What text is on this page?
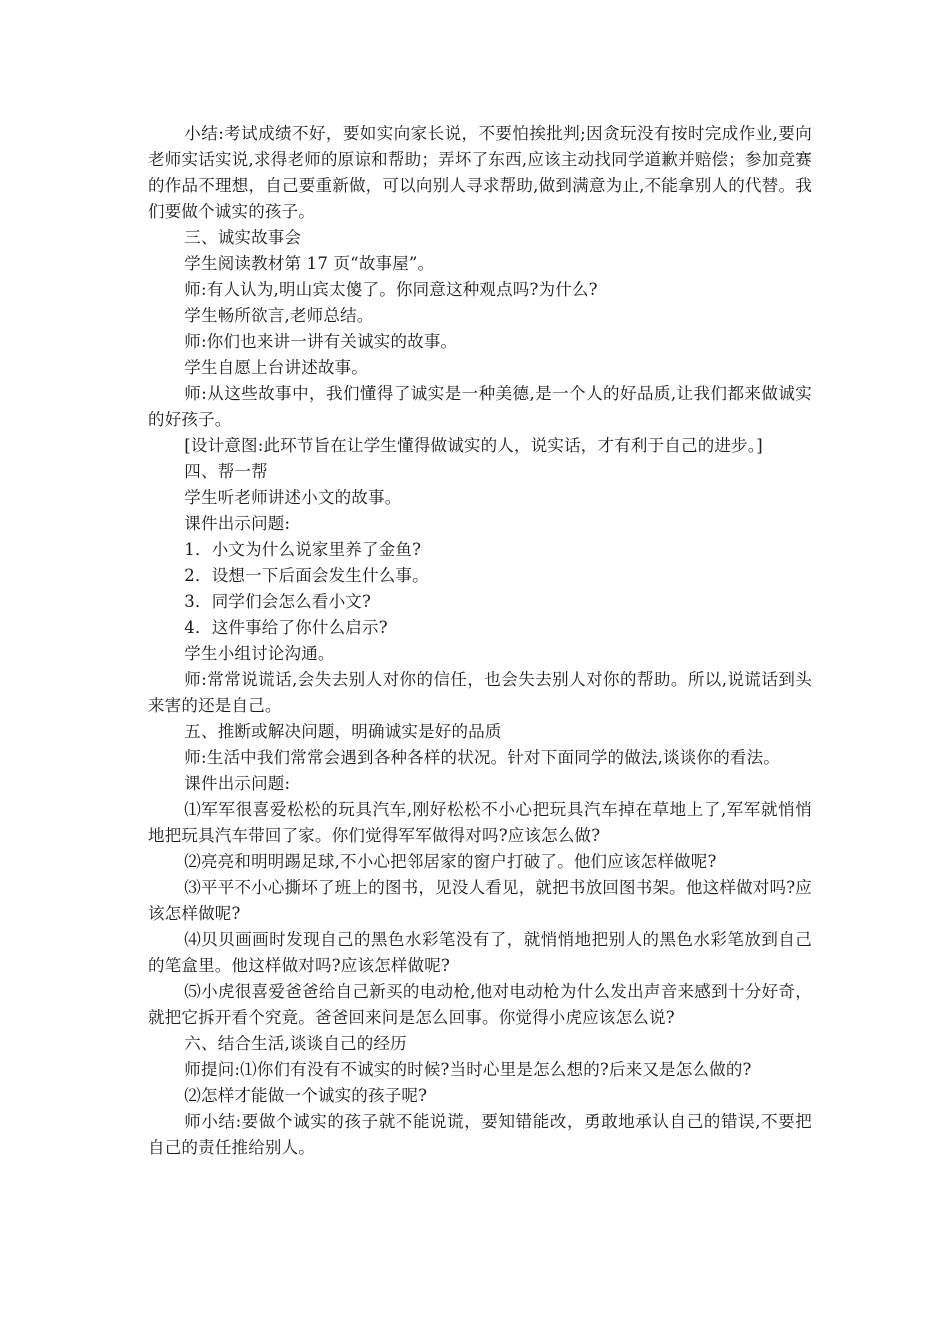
小结:考试成绩不好，要如实向家长说，不要怕挨批判;因贪玩没有按时完成作业,要向老师实话实说,求得老师的原谅和帮助；弄坏了东西,应该主动找同学道歉并赔偿；参加竞赛的作品不理想，自己要重新做，可以向别人寻求帮助,做到满意为止,不能拿别人的代替。我们要做个诚实的孩子。

三、诚实故事会

学生阅读教材第 17 页“故事屋”。

师:有人认为,明山宾太傻了。你同意这种观点吗?为什么?

学生畅所欲言,老师总结。

师:你们也来讲一讲有关诚实的故事。

学生自愿上台讲述故事。

师:从这些故事中，我们懂得了诚实是一种美德,是一个人的好品质,让我们都来做诚实的好孩子。

[设计意图:此环节旨在让学生懂得做诚实的人，说实话，才有利于自己的进步。]

四、帮一帮

学生听老师讲述小文的故事。

课件出示问题:

1．小文为什么说家里养了金鱼?

2．设想一下后面会发生什么事。

3．同学们会怎么看小文?

4．这件事给了你什么启示?

学生小组讨论沟通。

师:常常说谎话,会失去别人对你的信任，也会失去别人对你的帮助。所以,说谎话到头来害的还是自己。

五、推断或解决问题，明确诚实是好的品质

师:生活中我们常常会遇到各种各样的状况。针对下面同学的做法,谈谈你的看法。

课件出示问题:

⑴军军很喜爱松松的玩具汽车,刚好松松不小心把玩具汽车掉在草地上了,军军就悄悄地把玩具汽车带回了家。你们觉得军军做得对吗?应该怎么做?

⑵亮亮和明明踢足球,不小心把邻居家的窗户打破了。他们应该怎样做呢?

⑶平平不小心撕坏了班上的图书，见没人看见，就把书放回图书架。他这样做对吗?应该怎样做呢?

⑷贝贝画画时发现自己的黑色水彩笔没有了，就悄悄地把别人的黑色水彩笔放到自己的笔盒里。他这样做对吗?应该怎样做呢?

⑸小虎很喜爱爸爸给自己新买的电动枪,他对电动枪为什么发出声音来感到十分好奇，就把它拆开看个究竟。爸爸回来问是怎么回事。你觉得小虎应该怎么说?

六、结合生活,谈谈自己的经历

师提问:⑴你们有没有不诚实的时候?当时心里是怎么想的?后来又是怎么做的?

⑵怎样才能做一个诚实的孩子呢?

师小结:要做个诚实的孩子就不能说谎，要知错能改，勇敢地承认自己的错误,不要把自己的责任推给别人。
